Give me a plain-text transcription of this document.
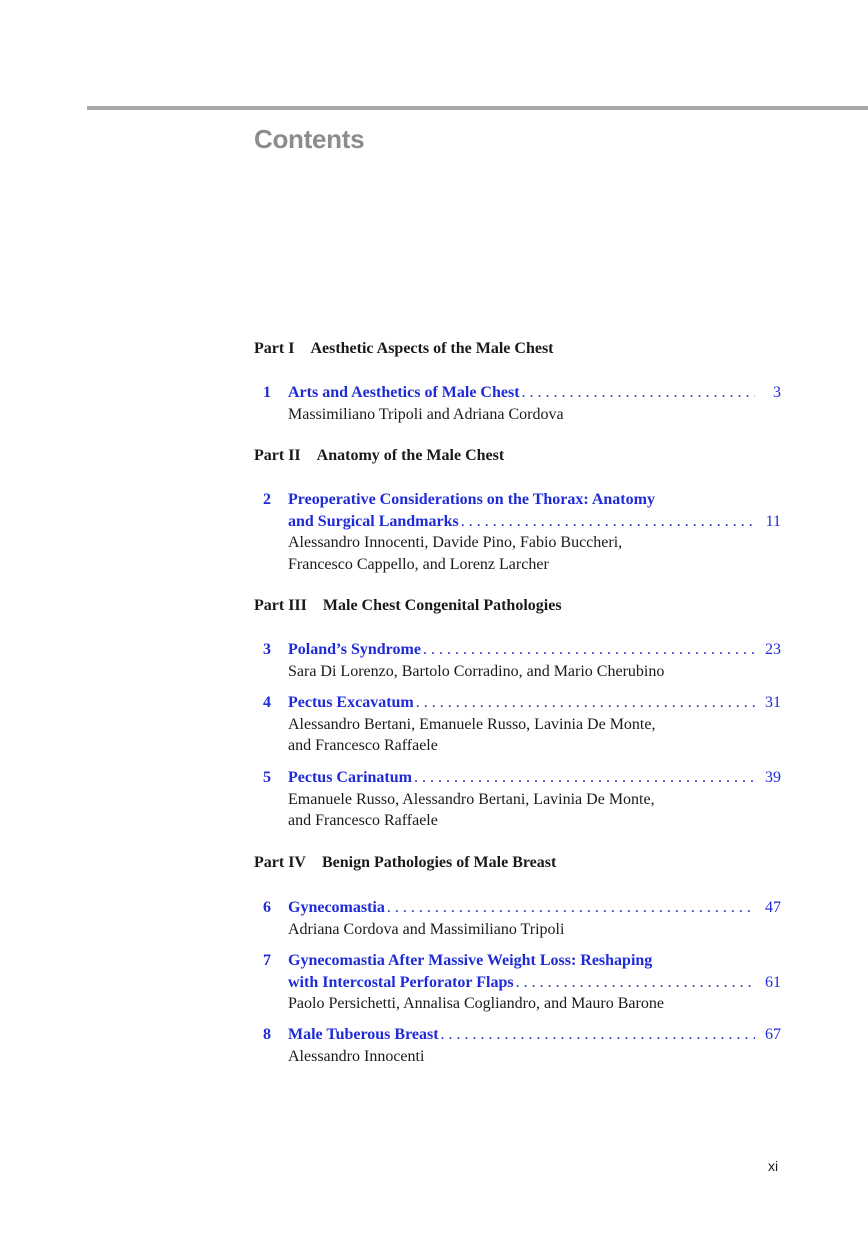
Contents
Part I Aesthetic Aspects of the Male Chest
1 Arts and Aesthetics of Male Chest . . .	3
Massimiliano Tripoli and Adriana Cordova
Part II Anatomy of the Male Chest
2 Preoperative Considerations on the Thorax: Anatomy
and Surgical Landmarks . . .	11
Alessandro Innocenti, Davide Pino, Fabio Buccheri,
Francesco Cappello, and Lorenz Larcher
Part III Male Chest Congenital Pathologies
3 Poland’s Syndrome . . .	23
Sara Di Lorenzo, Bartolo Corradino, and Mario Cherubino
4 Pectus Excavatum . . .	31
Alessandro Bertani, Emanuele Russo, Lavinia De Monte,
and Francesco Raffaele
5 Pectus Carinatum . . .	39
Emanuele Russo, Alessandro Bertani, Lavinia De Monte,
and Francesco Raffaele
Part IV Benign Pathologies of Male Breast
6 Gynecomastia . . .	47
Adriana Cordova and Massimiliano Tripoli
7 Gynecomastia After Massive Weight Loss: Reshaping
with Intercostal Perforator Flaps . . .	61
Paolo Persichetti, Annalisa Cogliandro, and Mauro Barone
8 Male Tuberous Breast . . .	67
Alessandro Innocenti
xi
